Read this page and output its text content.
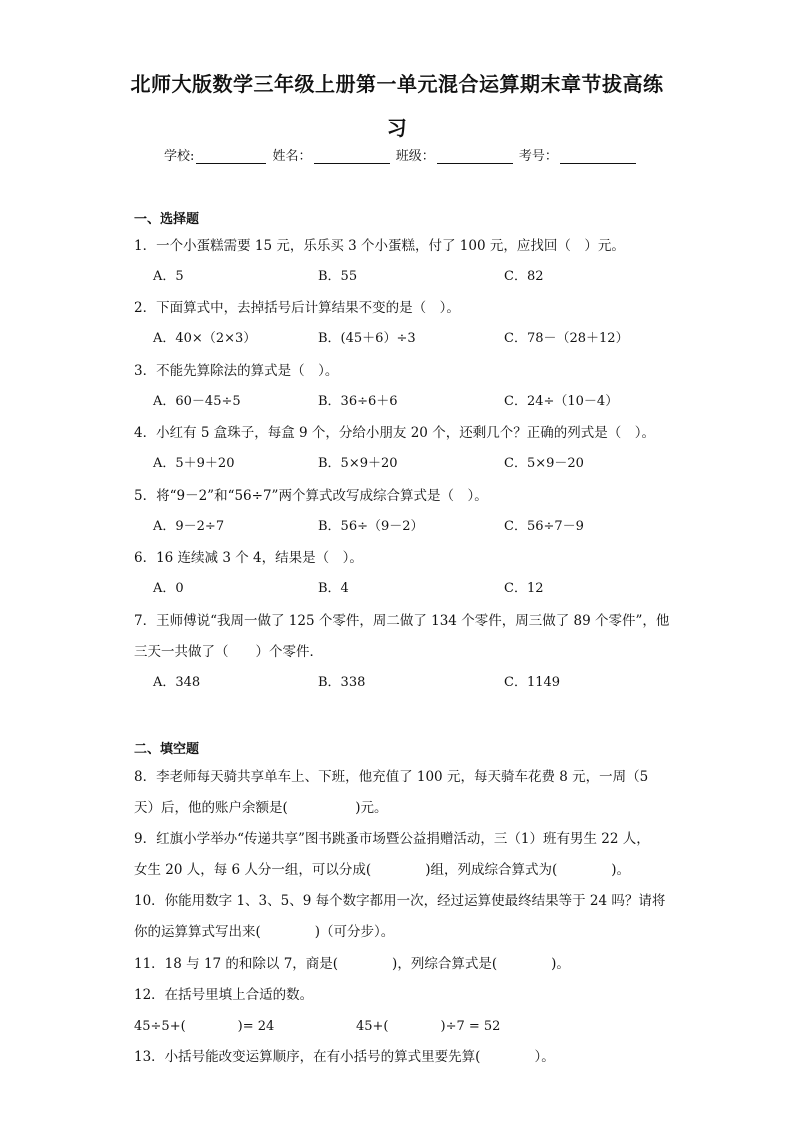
北师大版数学三年级上册第一单元混合运算期末章节拔高练
习
学校:	姓名：	班级：	考号：
一、选择题
1．一个小蛋糕需要 15 元，乐乐买 3 个小蛋糕，付了 100 元，应找回（　）元。
A．5	B．55	C．82
2．下面算式中，去掉括号后计算结果不变的是（　）。
A．40×（2×3）	B．(45＋6）÷3	C．78－（28＋12）
3．不能先算除法的算式是（　）。
A．60－45÷5	B．36÷6＋6	C．24÷（10－4）
4．小红有 5 盒珠子，每盒 9 个，分给小朋友 20 个，还剩几个？正确的列式是（　）。
A．5＋9＋20	B．5×9＋20	C．5×9－20
5．将“9－2”和“56÷7”两个算式改写成综合算式是（　）。
A．9－2÷7	B．56÷（9－2）	C．56÷7－9
6．16 连续减 3 个 4，结果是（　）。
A．0	B．4	C．12
7．王师傅说“我周一做了 125 个零件，周二做了 134 个零件，周三做了 89 个零件”，他
三天一共做了（　　）个零件．
A．348	B．338	C．1149
二、填空题
8．李老师每天骑共享单车上、下班，他充值了 100 元，每天骑车花费 8 元，一周（5
天）后，他的账户余额是(　　　　　)元。
9．红旗小学举办“传递共享”图书跳蚤市场暨公益捐赠活动，三（1）班有男生 22 人，
女生 20 人，每 6 人分一组，可以分成(　　　　)组，列成综合算式为(　　　　)。
10．你能用数字 1、3、5、9 每个数字都用一次，经过运算使最终结果等于 24 吗？请将
你的运算算式写出来(　　　　)（可分步）。
11．18 与 17 的和除以 7，商是(　　　　)，列综合算式是(　　　　)。
12．在括号里填上合适的数。
45÷5+(　　　　)= 24	45+(　　　　)÷7 = 52
13．小括号能改变运算顺序，在有小括号的算式里要先算(　　　　）。
